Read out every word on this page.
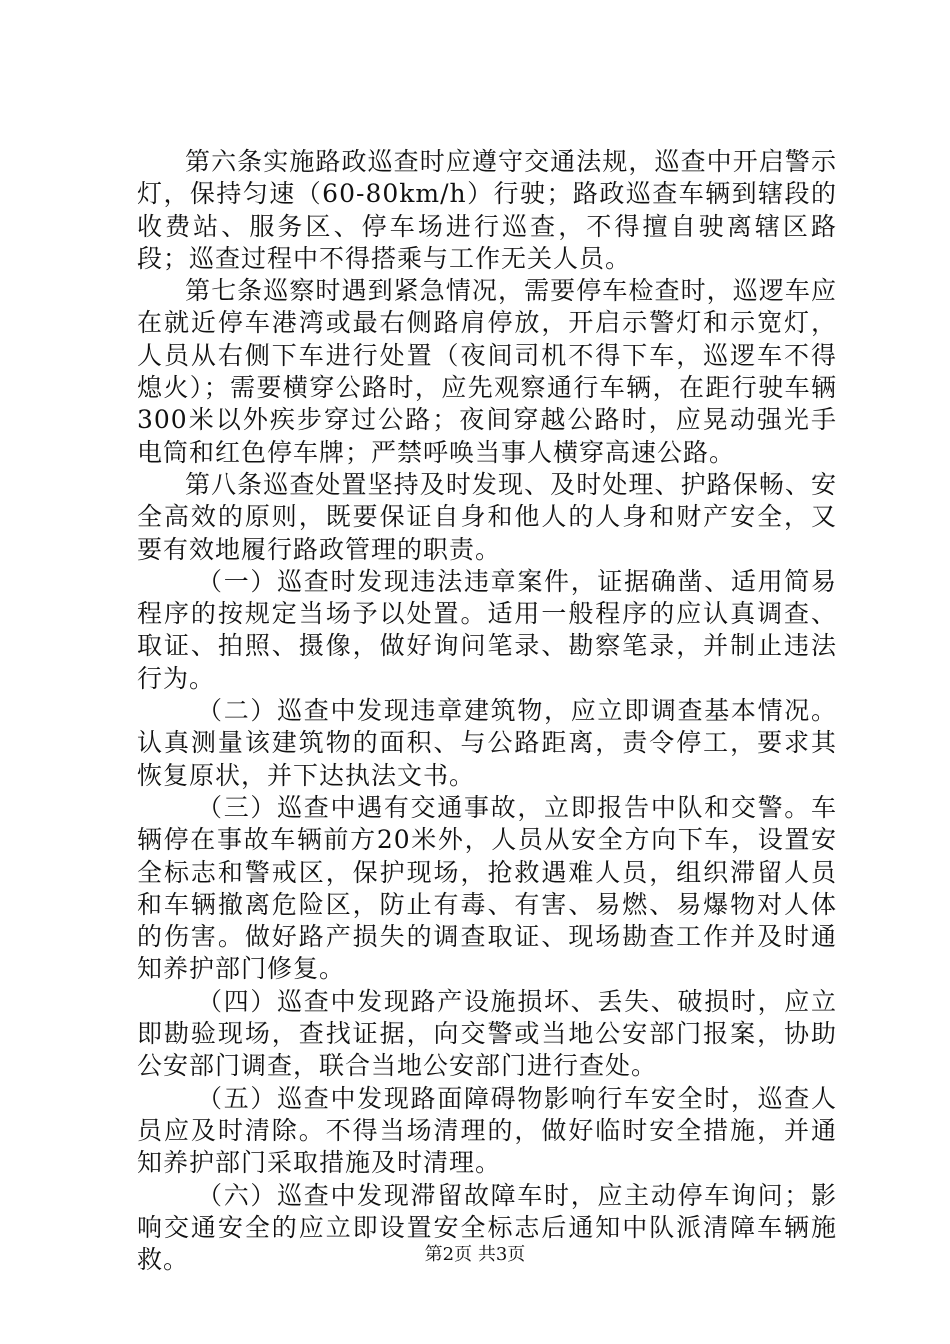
第六条实施路政巡查时应遵守交通法规，巡查中开启警示灯，保持匀速（60-80km/h）行驶；路政巡查车辆到辖段的收费站、服务区、停车场进行巡查，不得擅自驶离辖区路段；巡查过程中不得搭乘与工作无关人员。

第七条巡察时遇到紧急情况，需要停车检查时，巡逻车应在就近停车港湾或最右侧路肩停放，开启示警灯和示宽灯，人员从右侧下车进行处置（夜间司机不得下车，巡逻车不得熄火）；需要横穿公路时，应先观察通行车辆，在距行驶车辆300米以外疾步穿过公路；夜间穿越公路时，应晃动强光手电筒和红色停车牌；严禁呼唤当事人横穿高速公路。

第八条巡查处置坚持及时发现、及时处理、护路保畅、安全高效的原则，既要保证自身和他人的人身和财产安全，又要有效地履行路政管理的职责。

（一）巡查时发现违法违章案件，证据确凿、适用简易程序的按规定当场予以处置。适用一般程序的应认真调查、取证、拍照、摄像，做好询问笔录、勘察笔录，并制止违法行为。

（二）巡查中发现违章建筑物，应立即调查基本情况。认真测量该建筑物的面积、与公路距离，责令停工，要求其恢复原状，并下达执法文书。

（三）巡查中遇有交通事故，立即报告中队和交警。车辆停在事故车辆前方20米外，人员从安全方向下车，设置安全标志和警戒区，保护现场，抢救遇难人员，组织滞留人员和车辆撤离危险区，防止有毒、有害、易燃、易爆物对人体的伤害。做好路产损失的调查取证、现场勘查工作并及时通知养护部门修复。

（四）巡查中发现路产设施损坏、丢失、破损时，应立即勘验现场，查找证据，向交警或当地公安部门报案，协助公安部门调查，联合当地公安部门进行查处。

（五）巡查中发现路面障碍物影响行车安全时，巡查人员应及时清除。不得当场清理的，做好临时安全措施，并通知养护部门采取措施及时清理。

（六）巡查中发现滞留故障车时，应主动停车询问；影响交通安全的应立即设置安全标志后通知中队派清障车辆施救。	第2页 共3页
